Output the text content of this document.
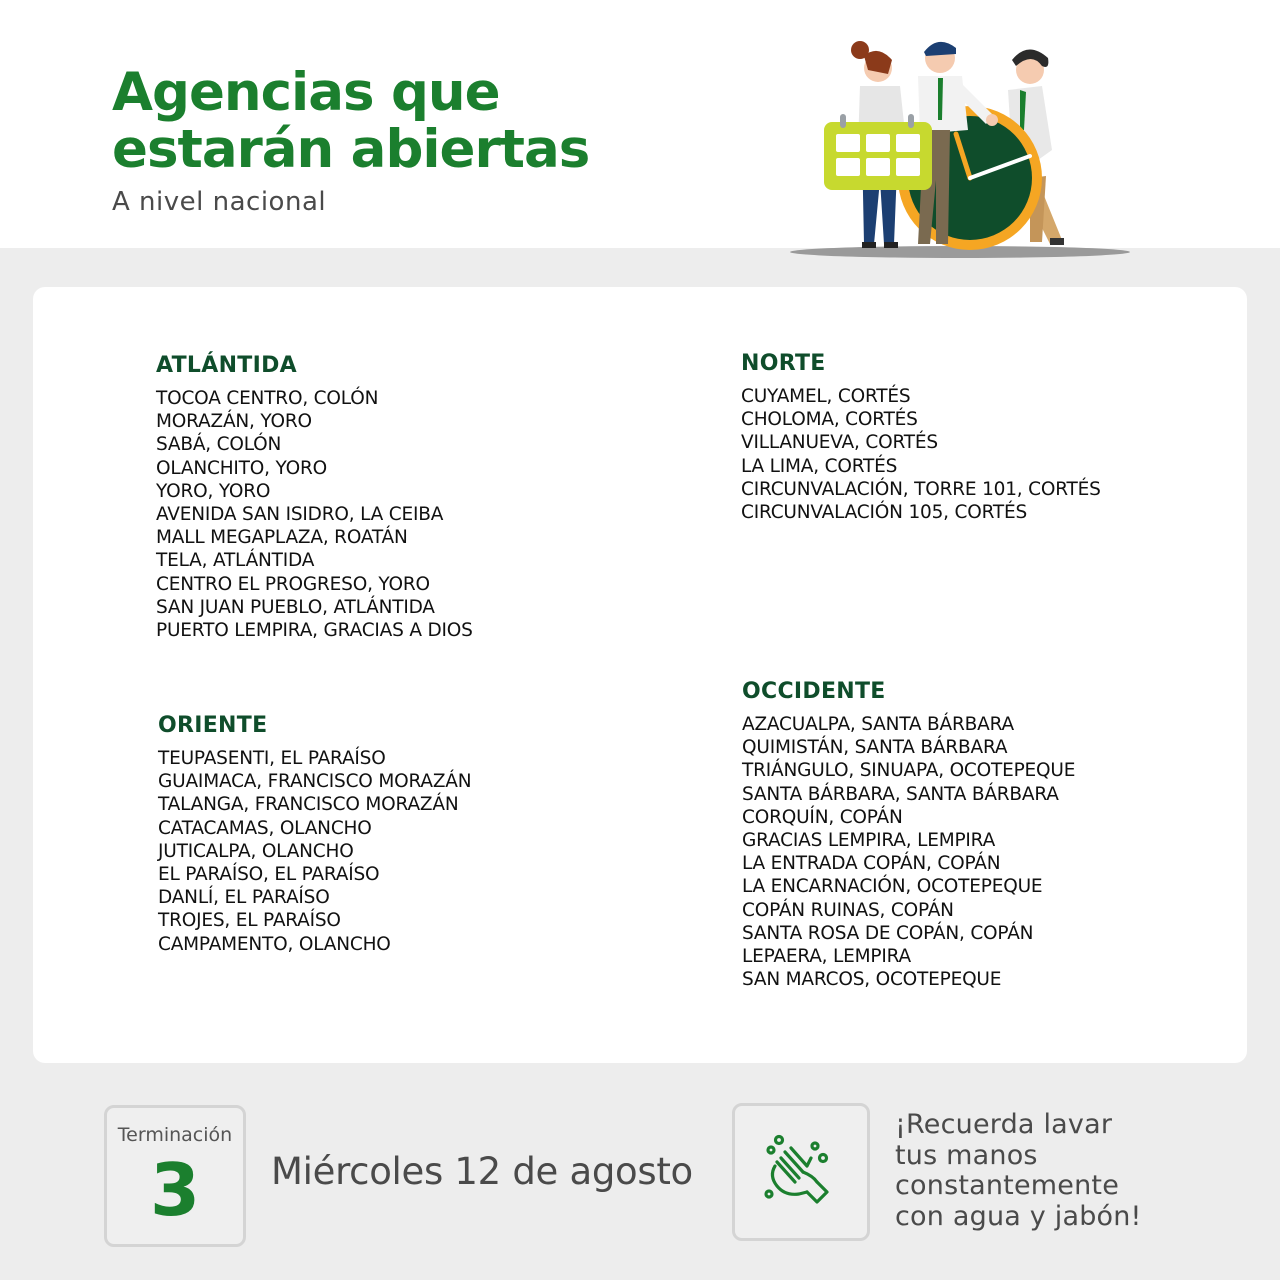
Agencias que
estarán abiertas
A nivel nacional
ATLÁNTIDA
TOCOA CENTRO, COLÓN
MORAZÁN, YORO
SABÁ, COLÓN
OLANCHITO, YORO
YORO, YORO
AVENIDA SAN ISIDRO, LA CEIBA
MALL MEGAPLAZA, ROATÁN
TELA, ATLÁNTIDA
CENTRO EL PROGRESO, YORO
SAN JUAN PUEBLO, ATLÁNTIDA
PUERTO LEMPIRA, GRACIAS A DIOS
NORTE
CUYAMEL, CORTÉS
CHOLOMA, CORTÉS
VILLANUEVA, CORTÉS
LA LIMA, CORTÉS
CIRCUNVALACIÓN, TORRE 101, CORTÉS
CIRCUNVALACIÓN 105, CORTÉS
ORIENTE
TEUPASENTI, EL PARAÍSO
GUAIMACA, FRANCISCO MORAZÁN
TALANGA, FRANCISCO MORAZÁN
CATACAMAS, OLANCHO
JUTICALPA, OLANCHO
EL PARAÍSO, EL PARAÍSO
DANLÍ, EL PARAÍSO
TROJES, EL PARAÍSO
CAMPAMENTO, OLANCHO
OCCIDENTE
AZACUALPA, SANTA BÁRBARA
QUIMISTÁN, SANTA BÁRBARA
TRIÁNGULO, SINUAPA, OCOTEPEQUE
SANTA BÁRBARA, SANTA BÁRBARA
CORQUÍN, COPÁN
GRACIAS LEMPIRA, LEMPIRA
LA ENTRADA COPÁN, COPÁN
LA ENCARNACIÓN, OCOTEPEQUE
COPÁN RUINAS, COPÁN
SANTA ROSA DE COPÁN, COPÁN
LEPAERA, LEMPIRA
SAN MARCOS, OCOTEPEQUE
Terminación
3	Miércoles 12 de agosto
¡Recuerda lavar
tus manos
constantemente
con agua y jabón!
